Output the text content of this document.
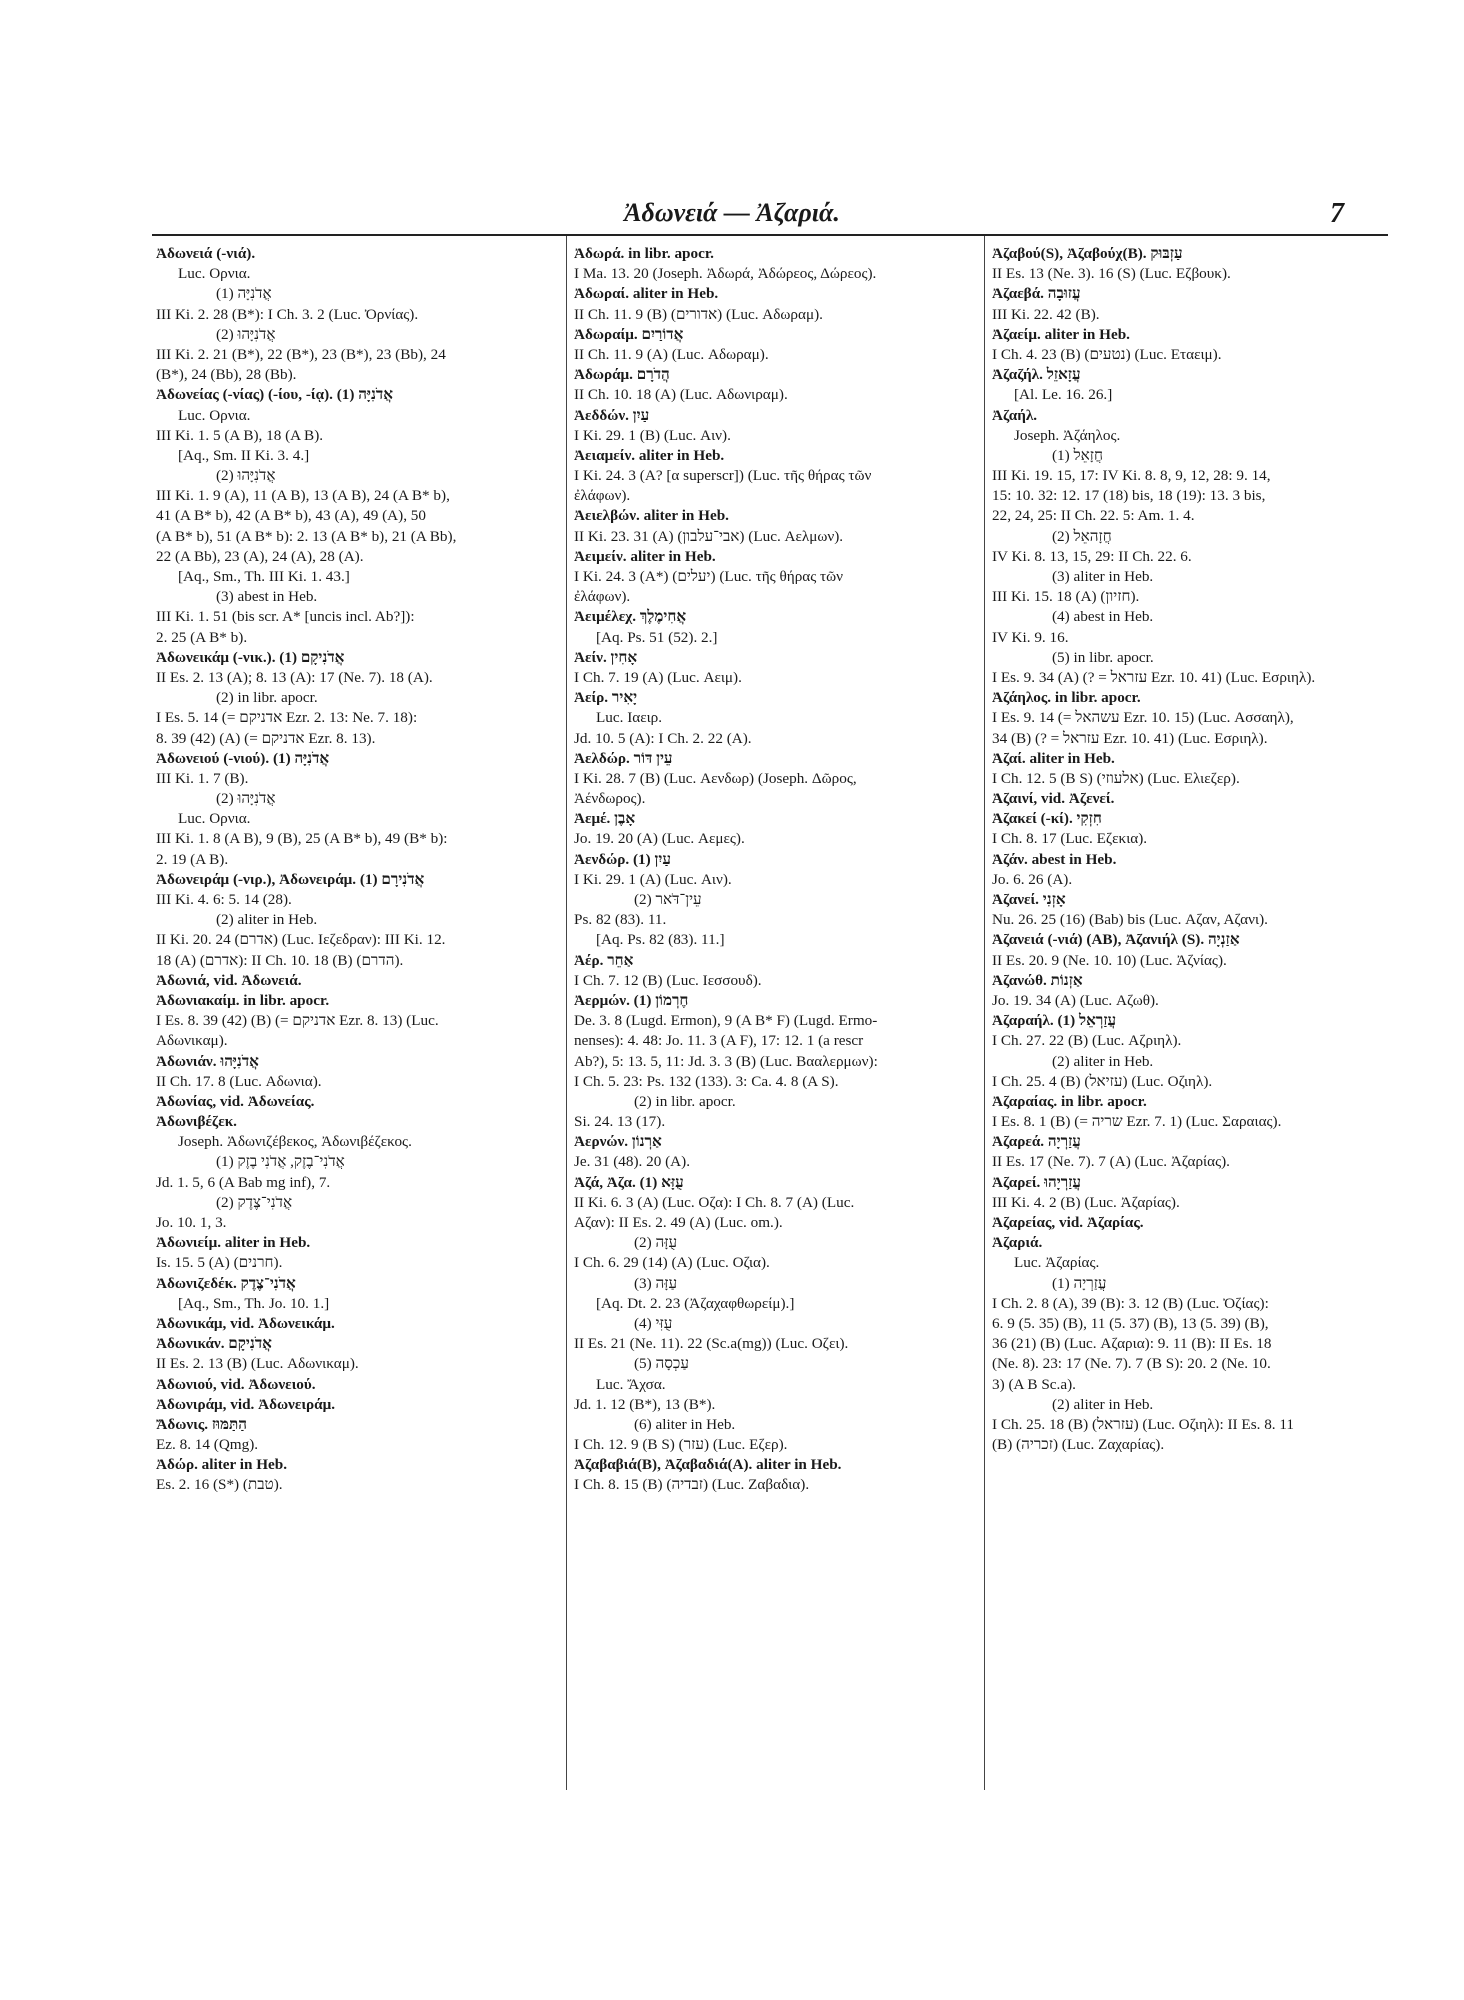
Ἀδωνειά — Ἀζαριά.	7
Ἀδωνειά (-νιά).
Luc. Ορνια.
(1) אֲדֹנִיָּה
III Ki. 2. 28 (B*): I Ch. 3. 2 (Luc. Ὀρνίας).
(2) אֲדֹנִיָּהוּ
III Ki. 2. 21 (B*), 22 (B*), 23 (B*), 23 (Bb), 24
(B*), 24 (Bb), 28 (Bb).
Ἀδωνείας (-νίας) (-ίου, -ίᾳ). (1) אֲדֹנִיָּה
Luc. Ορνια.
III Ki. 1. 5 (A B), 18 (A B).
[Aq., Sm. II Ki. 3. 4.]
(2) אֲדֹנִיָּהוּ
III Ki. 1. 9 (A), 11 (A B), 13 (A B), 24 (A B* b),
41 (A B* b), 42 (A B* b), 43 (A), 49 (A), 50
(A B* b), 51 (A B* b): 2. 13 (A B* b), 21 (A Bb),
22 (A Bb), 23 (A), 24 (A), 28 (A).
[Aq., Sm., Th. III Ki. 1. 43.]
(3) abest in Heb.
III Ki. 1. 51 (bis scr. A* [uncis incl. Ab?]):
2. 25 (A B* b).
Ἀδωνεικάμ (-νικ.). (1) אֲדֹנִיקָם
II Es. 2. 13 (A); 8. 13 (A): 17 (Ne. 7). 18 (A).
(2) in libr. apocr.
I Es. 5. 14 (= אדניקם Ezr. 2. 13: Ne. 7. 18):
8. 39 (42) (A) (= אדניקם Ezr. 8. 13).
Ἀδωνειού (-νιού). (1) אֲדֹנִיָּה
III Ki. 1. 7 (B).
(2) אֲדֹנִיָּהוּ
Luc. Ορνια.
III Ki. 1. 8 (A B), 9 (B), 25 (A B* b), 49 (B* b):
2. 19 (A B).
Ἀδωνειράμ (-νιρ.), Ἀδωνειράμ. (1) אֲדֹנִירָם
III Ki. 4. 6: 5. 14 (28).
(2) aliter in Heb.
II Ki. 20. 24 (אדרם) (Luc. Ιεζεδραν): III Ki. 12.
18 (A) (אדרם): II Ch. 10. 18 (B) (הדרם).
Ἀδωνιά, vid. Ἀδωνειά.
Ἀδωνιακαίμ. in libr. apocr.
I Es. 8. 39 (42) (B) (= אדניקם Ezr. 8. 13) (Luc.
Αδωνικαμ).
Ἀδωνιάν. אֲדֹנִיָּהוּ
II Ch. 17. 8 (Luc. Αδωνια).
Ἀδωνίας, vid. Ἀδωνείας.
Ἀδωνιβέζεκ.
Joseph. Ἀδωνιζέβεκος, Ἀδωνιβέζεκος.
(1) אֲדֹנִי־בֶזֶק, אֲדֹנִי בֶזֶק
Jd. 1. 5, 6 (A Bab mg inf), 7.
(2) אֲדֹנִי־צֶדֶק
Jo. 10. 1, 3.
Ἀδωνιείμ. aliter in Heb.
Is. 15. 5 (A) (חרנים).
Ἀδωνιζεδέκ. אֲדֹנִי־צֶדֶק
[Aq., Sm., Th. Jo. 10. 1.]
Ἀδωνικάμ, vid. Ἀδωνεικάμ.
Ἀδωνικάν. אֲדֹנִיקָם
II Es. 2. 13 (B) (Luc. Αδωνικαμ).
Ἀδωνιού, vid. Ἀδωνειού.
Ἀδωνιράμ, vid. Ἀδωνειράμ.
Ἄδωνις. הַתַּמּוּז
Ez. 8. 14 (Qmg).
Ἀδώρ. aliter in Heb.
Es. 2. 16 (S*) (טבת).
Ἀδωρά. in libr. apocr.
I Ma. 13. 20 (Joseph. Ἀδωρά, Ἀδώρεος, Δώρεος).
Ἀδωραί. aliter in Heb.
II Ch. 11. 9 (B) (אדורים) (Luc. Αδωραμ).
Ἀδωραίμ. אֲדוֹרַיִם
II Ch. 11. 9 (A) (Luc. Αδωραμ).
Ἀδωράμ. הֲדֹרָם
II Ch. 10. 18 (A) (Luc. Αδωνιραμ).
Ἀεδδών. עַיִן
I Ki. 29. 1 (B) (Luc. Αιν).
Ἀειαμείν. aliter in Heb.
I Ki. 24. 3 (A? [α superscr]) (Luc. τῆς θήρας τῶν
ἐλάφων).
Ἀειελβών. aliter in Heb.
II Ki. 23. 31 (A) (אבי־עלבון) (Luc. Αελμων).
Ἀειμείν. aliter in Heb.
I Ki. 24. 3 (A*) (יעלים) (Luc. τῆς θήρας τῶν
ἐλάφων).
Ἀειμέλεχ. אֲחִימֶלֶךְ
[Aq. Ps. 51 (52). 2.]
Ἀείν. אָחִין
I Ch. 7. 19 (A) (Luc. Αειμ).
Ἀείρ. יָאִיר
Luc. Ιαειρ.
Jd. 10. 5 (A): I Ch. 2. 22 (A).
Ἀελδώρ. עֵין דּוֹר
I Ki. 28. 7 (B) (Luc. Αενδωρ) (Joseph. Δῶρος,
Ἀένδωρος).
Ἀεμέ. אָבֶן
Jo. 19. 20 (A) (Luc. Αεμες).
Ἀενδώρ. (1) עַיִן
I Ki. 29. 1 (A) (Luc. Αιν).
(2) עֵין־דֹּאר
Ps. 82 (83). 11.
[Aq. Ps. 82 (83). 11.]
Ἀέρ. אַחֵר
I Ch. 7. 12 (B) (Luc. Ιεσσουδ).
Ἀερμών. (1) חֶרְמוֹן
De. 3. 8 (Lugd. Ermon), 9 (A B* F) (Lugd. Ermo-
nenses): 4. 48: Jo. 11. 3 (A F), 17: 12. 1 (a rescr
Ab?), 5: 13. 5, 11: Jd. 3. 3 (B) (Luc. Βααλερμων):
I Ch. 5. 23: Ps. 132 (133). 3: Ca. 4. 8 (A S).
(2) in libr. apocr.
Si. 24. 13 (17).
Ἀερνών. אַרְנוֹן
Je. 31 (48). 20 (A).
Ἀζά, Ἀζα. (1) עֻזָּא
II Ki. 6. 3 (A) (Luc. Οζα): I Ch. 8. 7 (A) (Luc.
Αζαν): II Es. 2. 49 (A) (Luc. om.).
(2) עֻזָּה
I Ch. 6. 29 (14) (A) (Luc. Οζια).
(3) עַזָּה
[Aq. Dt. 2. 23 (Ἀζαχαφθωρείμ).]
(4) עֻזִּי
II Es. 21 (Ne. 11). 22 (Sc.a(mg)) (Luc. Οζει).
(5) עַכְסָה
Luc. Ἄχσα.
Jd. 1. 12 (B*), 13 (B*).
(6) aliter in Heb.
I Ch. 12. 9 (B S) (עזר) (Luc. Εζερ).
Ἀζαβαβιά(B), Ἀζαβαδιά(A). aliter in Heb.
I Ch. 8. 15 (B) (זבדיה) (Luc. Ζαβαδια).
Ἀζαβού(S), Ἀζαβούχ(B). עַזְבּוּק
II Es. 13 (Ne. 3). 16 (S) (Luc. Εζβουκ).
Ἀζαεβά. עֲזוּבָה
III Ki. 22. 42 (B).
Ἀζαείμ. aliter in Heb.
I Ch. 4. 23 (B) (נטעים) (Luc. Εταειμ).
Ἀζαζήλ. עֲזָאזֵל
[Al. Le. 16. 26.]
Ἀζαήλ.
Joseph. Ἀζάηλος.
(1) חֲזָאֵל
III Ki. 19. 15, 17: IV Ki. 8. 8, 9, 12, 28: 9. 14,
15: 10. 32: 12. 17 (18) bis, 18 (19): 13. 3 bis,
22, 24, 25: II Ch. 22. 5: Am. 1. 4.
(2) חֲזָהאֵל
IV Ki. 8. 13, 15, 29: II Ch. 22. 6.
(3) aliter in Heb.
III Ki. 15. 18 (A) (חזיון).
(4) abest in Heb.
IV Ki. 9. 16.
(5) in libr. apocr.
I Es. 9. 34 (A) (? = עזראל Ezr. 10. 41) (Luc. Εσριηλ).
Ἀζάηλος. in libr. apocr.
I Es. 9. 14 (= עשהאל Ezr. 10. 15) (Luc. Ασσαηλ),
34 (B) (? = עזראל Ezr. 10. 41) (Luc. Εσριηλ).
Ἀζαί. aliter in Heb.
I Ch. 12. 5 (B S) (אלעוזי) (Luc. Ελιεζερ).
Ἀζαινί, vid. Ἀζενεί.
Ἀζακεί (-κί). חִזְקִי
I Ch. 8. 17 (Luc. Εζεκια).
Ἀζάν. abest in Heb.
Jo. 6. 26 (A).
Ἀζανεί. אָזְנִי
Nu. 26. 25 (16) (Bab) bis (Luc. Αζαν, Αζανι).
Ἀζανειά (-νιά) (AB), Ἀζανιήλ (S). אַזַנְיָה
II Es. 20. 9 (Ne. 10. 10) (Luc. Ἀζνίας).
Ἀζανώθ. אַזְנוֹת
Jo. 19. 34 (A) (Luc. Αζωθ).
Ἀζαραήλ. (1) עֲזַרְאֵל
I Ch. 27. 22 (B) (Luc. Αζριηλ).
(2) aliter in Heb.
I Ch. 25. 4 (B) (עזיאל) (Luc. Οζιηλ).
Ἀζαραίας. in libr. apocr.
I Es. 8. 1 (B) (= שריה Ezr. 7. 1) (Luc. Σαραιας).
Ἀζαρεά. עֲזַרְיָה
II Es. 17 (Ne. 7). 7 (A) (Luc. Ἀζαρίας).
Ἀζαρεί. עֲזַרְיָהוּ
III Ki. 4. 2 (B) (Luc. Ἀζαρίας).
Ἀζαρείας, vid. Ἀζαρίας.
Ἀζαριά.
Luc. Ἀζαρίας.
(1) עֲזַרְיָה
I Ch. 2. 8 (A), 39 (B): 3. 12 (B) (Luc. Ὀζίας):
6. 9 (5. 35) (B), 11 (5. 37) (B), 13 (5. 39) (B),
36 (21) (B) (Luc. Αζαρια): 9. 11 (B): II Es. 18
(Ne. 8). 23: 17 (Ne. 7). 7 (B S): 20. 2 (Ne. 10.
3) (A B Sc.a).
(2) aliter in Heb.
I Ch. 25. 18 (B) (עזראל) (Luc. Οζιηλ): II Es. 8. 11
(B) (זכריה) (Luc. Ζαχαρίας).
